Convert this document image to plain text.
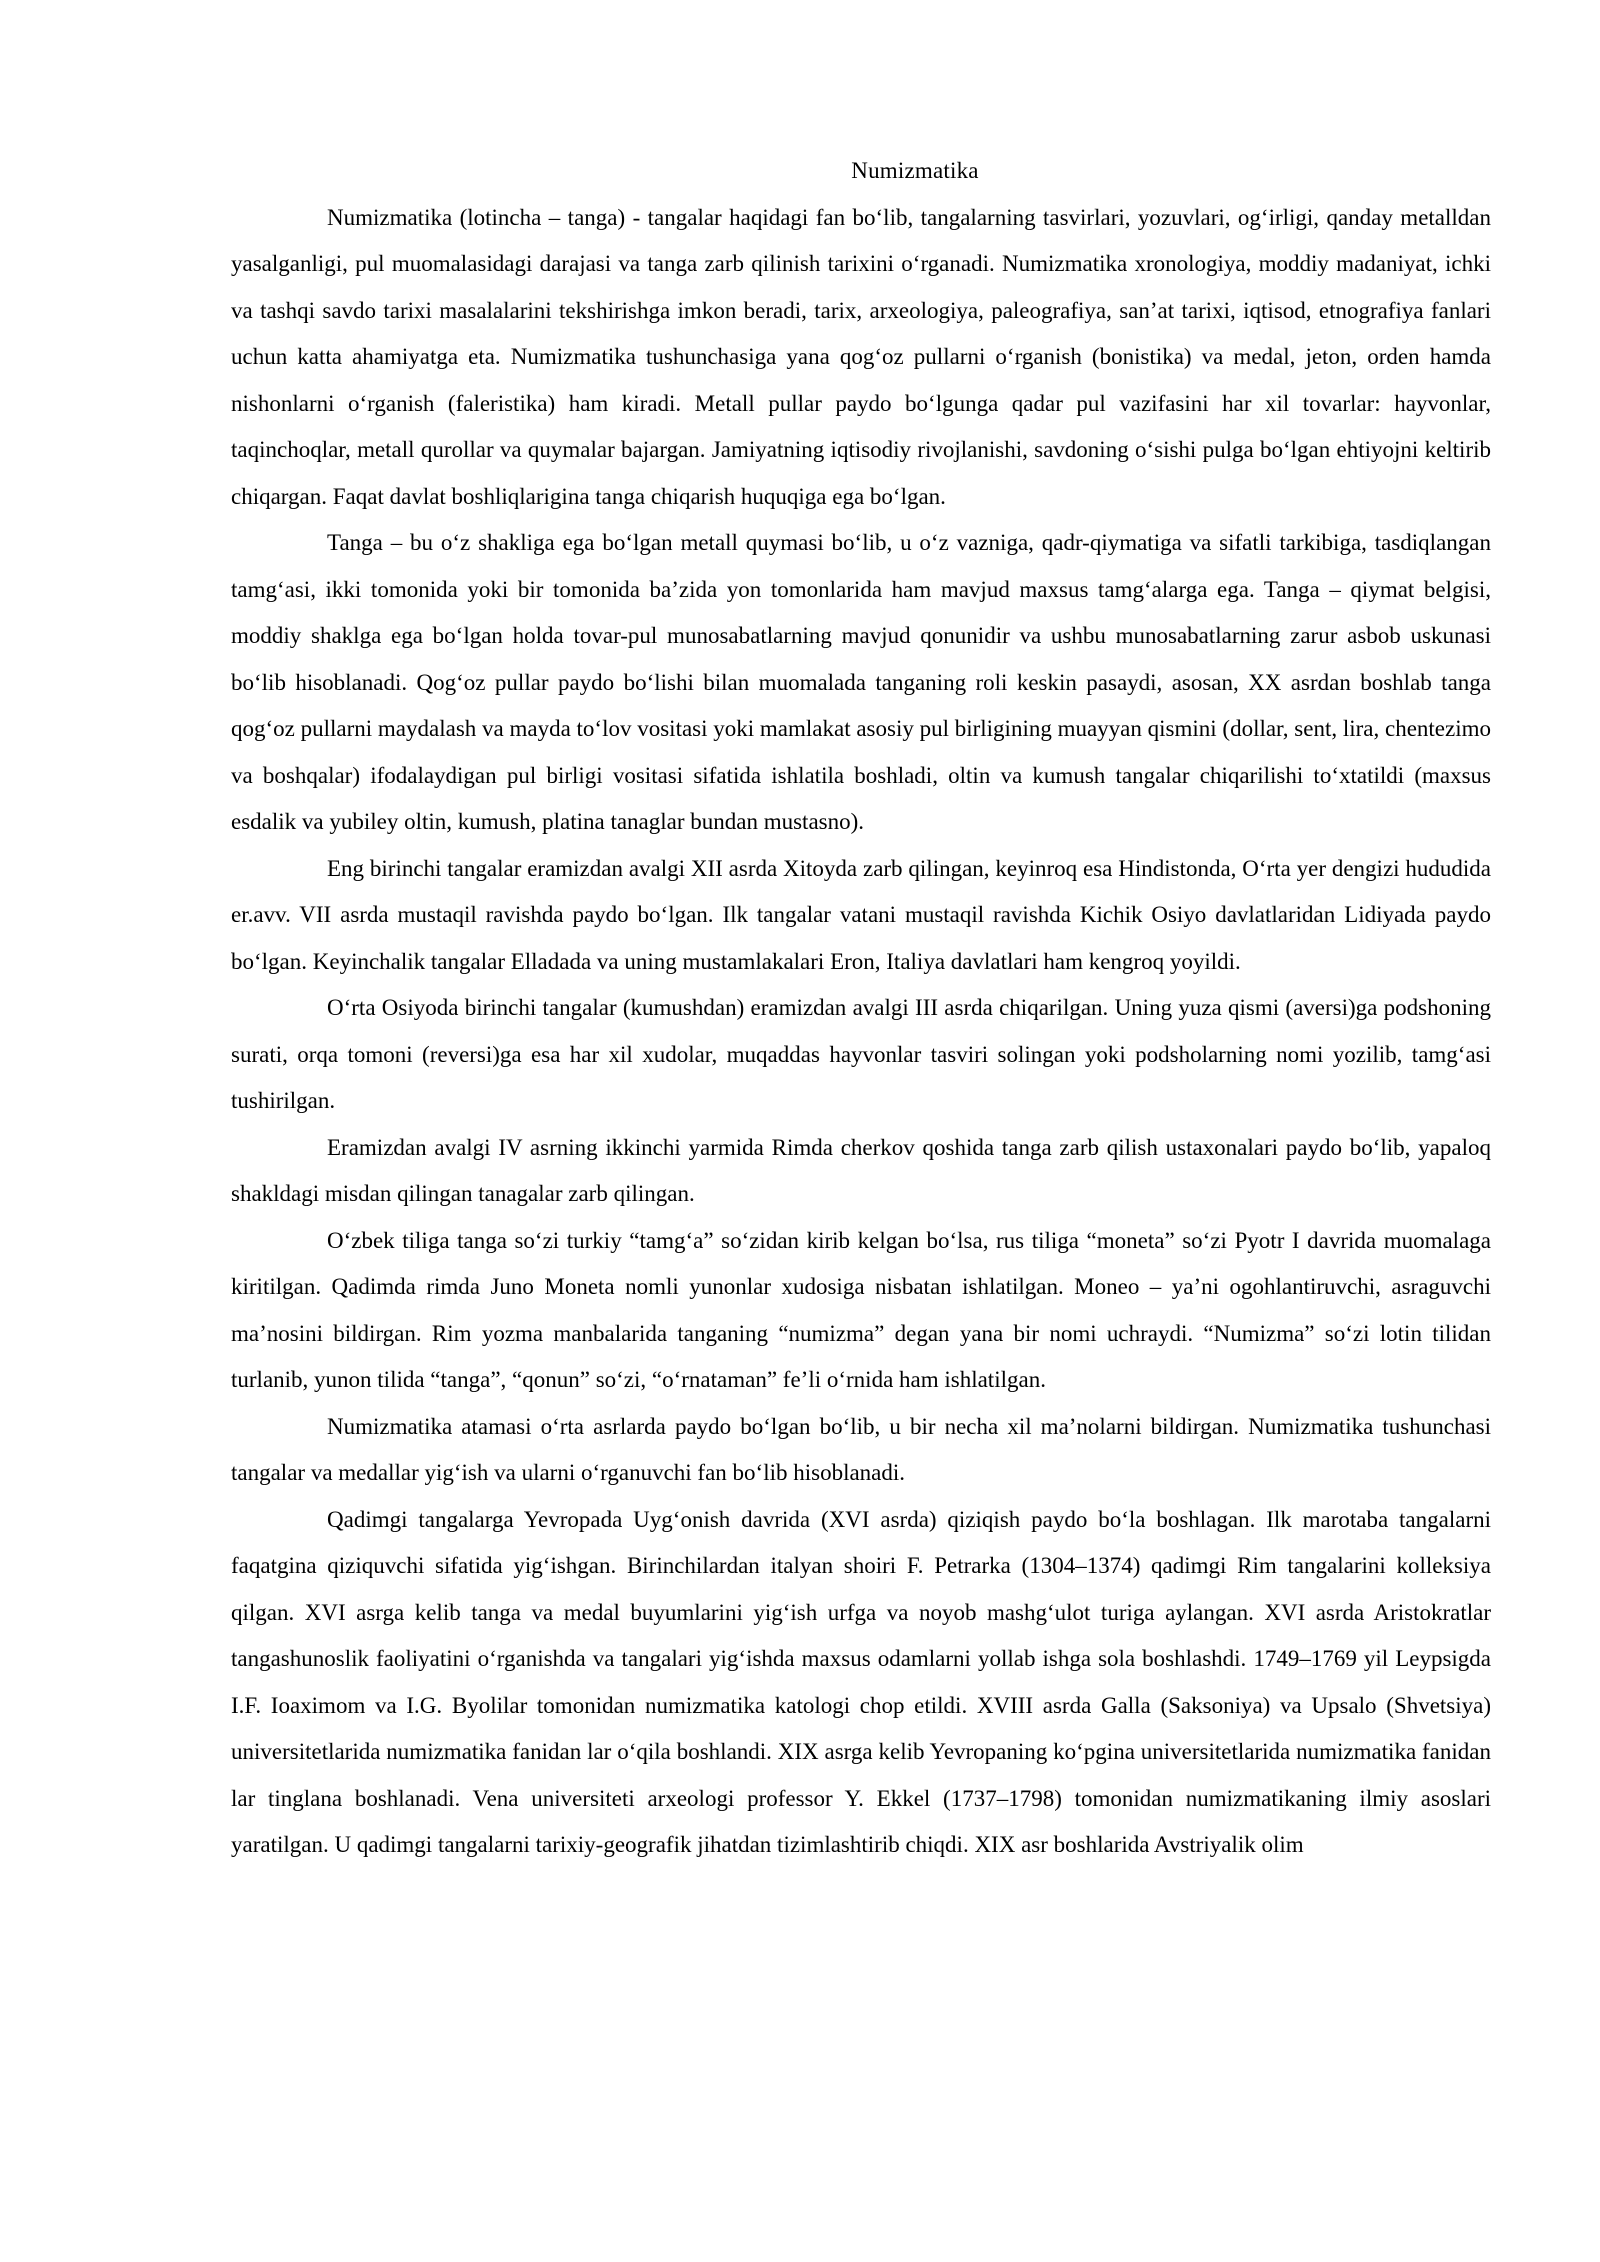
Numizmatika

Numizmatika (lotincha – tanga) - tangalar haqidagi fan bo‘lib, tangalarning tasvirlari, yozuvlari, og‘irligi, qanday metalldan yasalganligi, pul muomalasidagi darajasi va tanga zarb qilinish tarixini o‘rganadi. Numizmatika xronologiya, moddiy madaniyat, ichki va tashqi savdo tarixi masalalarini tekshirishga imkon beradi, tarix, arxeologiya, paleografiya, san’at tarixi, iqtisod, etnografiya fanlari uchun katta ahamiyatga eta. Numizmatika tushunchasiga yana qog‘oz pullarni o‘rganish (bonistika) va medal, jeton, orden hamda nishonlarni o‘rganish (faleristika) ham kiradi. Metall pullar paydo bo‘lgunga qadar pul vazifasini har xil tovarlar: hayvonlar, taqinchoqlar, metall qurollar va quymalar bajargan. Jamiyatning iqtisodiy rivojlanishi, savdoning o‘sishi pulga bo‘lgan ehtiyojni keltirib chiqargan. Faqat davlat boshliqlarigina tanga chiqarish huquqiga ega bo‘lgan.

Tanga – bu o‘z shakliga ega bo‘lgan metall quymasi bo‘lib, u o‘z vazniga, qadr-qiymatiga va sifatli tarkibiga, tasdiqlangan tamg‘asi, ikki tomonida yoki bir tomonida ba’zida yon tomonlarida ham mavjud maxsus tamg‘alarga ega. Tanga – qiymat belgisi, moddiy shaklga ega bo‘lgan holda tovar-pul munosabatlarning mavjud qonunidir va ushbu munosabatlarning zarur asbob uskunasi bo‘lib hisoblanadi. Qog‘oz pullar paydo bo‘lishi bilan muomalada tanganing roli keskin pasaydi, asosan, XX asrdan boshlab tanga qog‘oz pullarni maydalash va mayda to‘lov vositasi yoki mamlakat asosiy pul birligining muayyan qismini (dollar, sent, lira, chentezimo va boshqalar) ifodalaydigan pul birligi vositasi sifatida ishlatila boshladi, oltin va kumush tangalar chiqarilishi to‘xtatildi (maxsus esdalik va yubiley oltin, kumush, platina tanaglar bundan mustasno).

Eng birinchi tangalar eramizdan avalgi XII asrda Xitoyda zarb qilingan, keyinroq esa Hindistonda, O‘rta yer dengizi hududida er.avv. VII asrda mustaqil ravishda paydo bo‘lgan. Ilk tangalar vatani mustaqil ravishda Kichik Osiyo davlatlaridan Lidiyada paydo bo‘lgan. Keyinchalik tangalar Elladada va uning mustamlakalari Eron, Italiya davlatlari ham kengroq yoyildi.

O‘rta Osiyoda birinchi tangalar (kumushdan) eramizdan avalgi III asrda chiqarilgan. Uning yuza qismi (aversi)ga podshoning surati, orqa tomoni (reversi)ga esa har xil xudolar, muqaddas hayvonlar tasviri solingan yoki podsholarning nomi yozilib, tamg‘asi tushirilgan.

Eramizdan avalgi IV asrning ikkinchi yarmida Rimda cherkov qoshida tanga zarb qilish ustaxonalari paydo bo‘lib, yapaloq shakldagi misdan qilingan tanagalar zarb qilingan.

O‘zbek tiliga tanga so‘zi turkiy “tamg‘a” so‘zidan kirib kelgan bo‘lsa, rus tiliga “moneta” so‘zi Pyotr I davrida muomalaga kiritilgan. Qadimda rimda Juno Moneta nomli yunonlar xudosiga nisbatan ishlatilgan. Moneo – ya’ni ogohlantiruvchi, asraguvchi ma’nosini bildirgan. Rim yozma manbalarida tanganing “numizma” degan yana bir nomi uchraydi. “Numizma” so‘zi lotin tilidan turlanib, yunon tilida “tanga”, “qonun” so‘zi, “o‘rnataman” fe’li o‘rnida ham ishlatilgan.

Numizmatika atamasi o‘rta asrlarda paydo bo‘lgan bo‘lib, u bir necha xil ma’nolarni bildirgan. Numizmatika tushunchasi tangalar va medallar yig‘ish va ularni o‘rganuvchi fan bo‘lib hisoblanadi.

Qadimgi tangalarga Yevropada Uyg‘onish davrida (XVI asrda) qiziqish paydo bo‘la boshlagan. Ilk marotaba tangalarni faqatgina qiziquvchi sifatida yig‘ishgan. Birinchilardan italyan shoiri F. Petrarka (1304–1374) qadimgi Rim tangalarini kolleksiya qilgan. XVI asrga kelib tanga va medal buyumlarini yig‘ish urfga va noyob mashg‘ulot turiga aylangan. XVI asrda Aristokratlar tangashunoslik faoliyatini o‘rganishda va tangalari yig‘ishda maxsus odamlarni yollab ishga sola boshlashdi. 1749–1769 yil Leypsigda I.F. Ioaximom va I.G. Byolilar tomonidan numizmatika katologi chop etildi. XVIII asrda Galla (Saksoniya) va Upsalo (Shvetsiya) universitetlarida numizmatika fanidan lar o‘qila boshlandi. XIX asrga kelib Yevropaning ko‘pgina universitetlarida numizmatika fanidan lar tinglana boshlanadi. Vena universiteti arxeologi professor Y. Ekkel (1737–1798) tomonidan numizmatikaning ilmiy asoslari yaratilgan. U qadimgi tangalarni tarixiy-geografik jihatdan tizimlashtirib chiqdi. XIX asr boshlarida Avstriyalik olim
